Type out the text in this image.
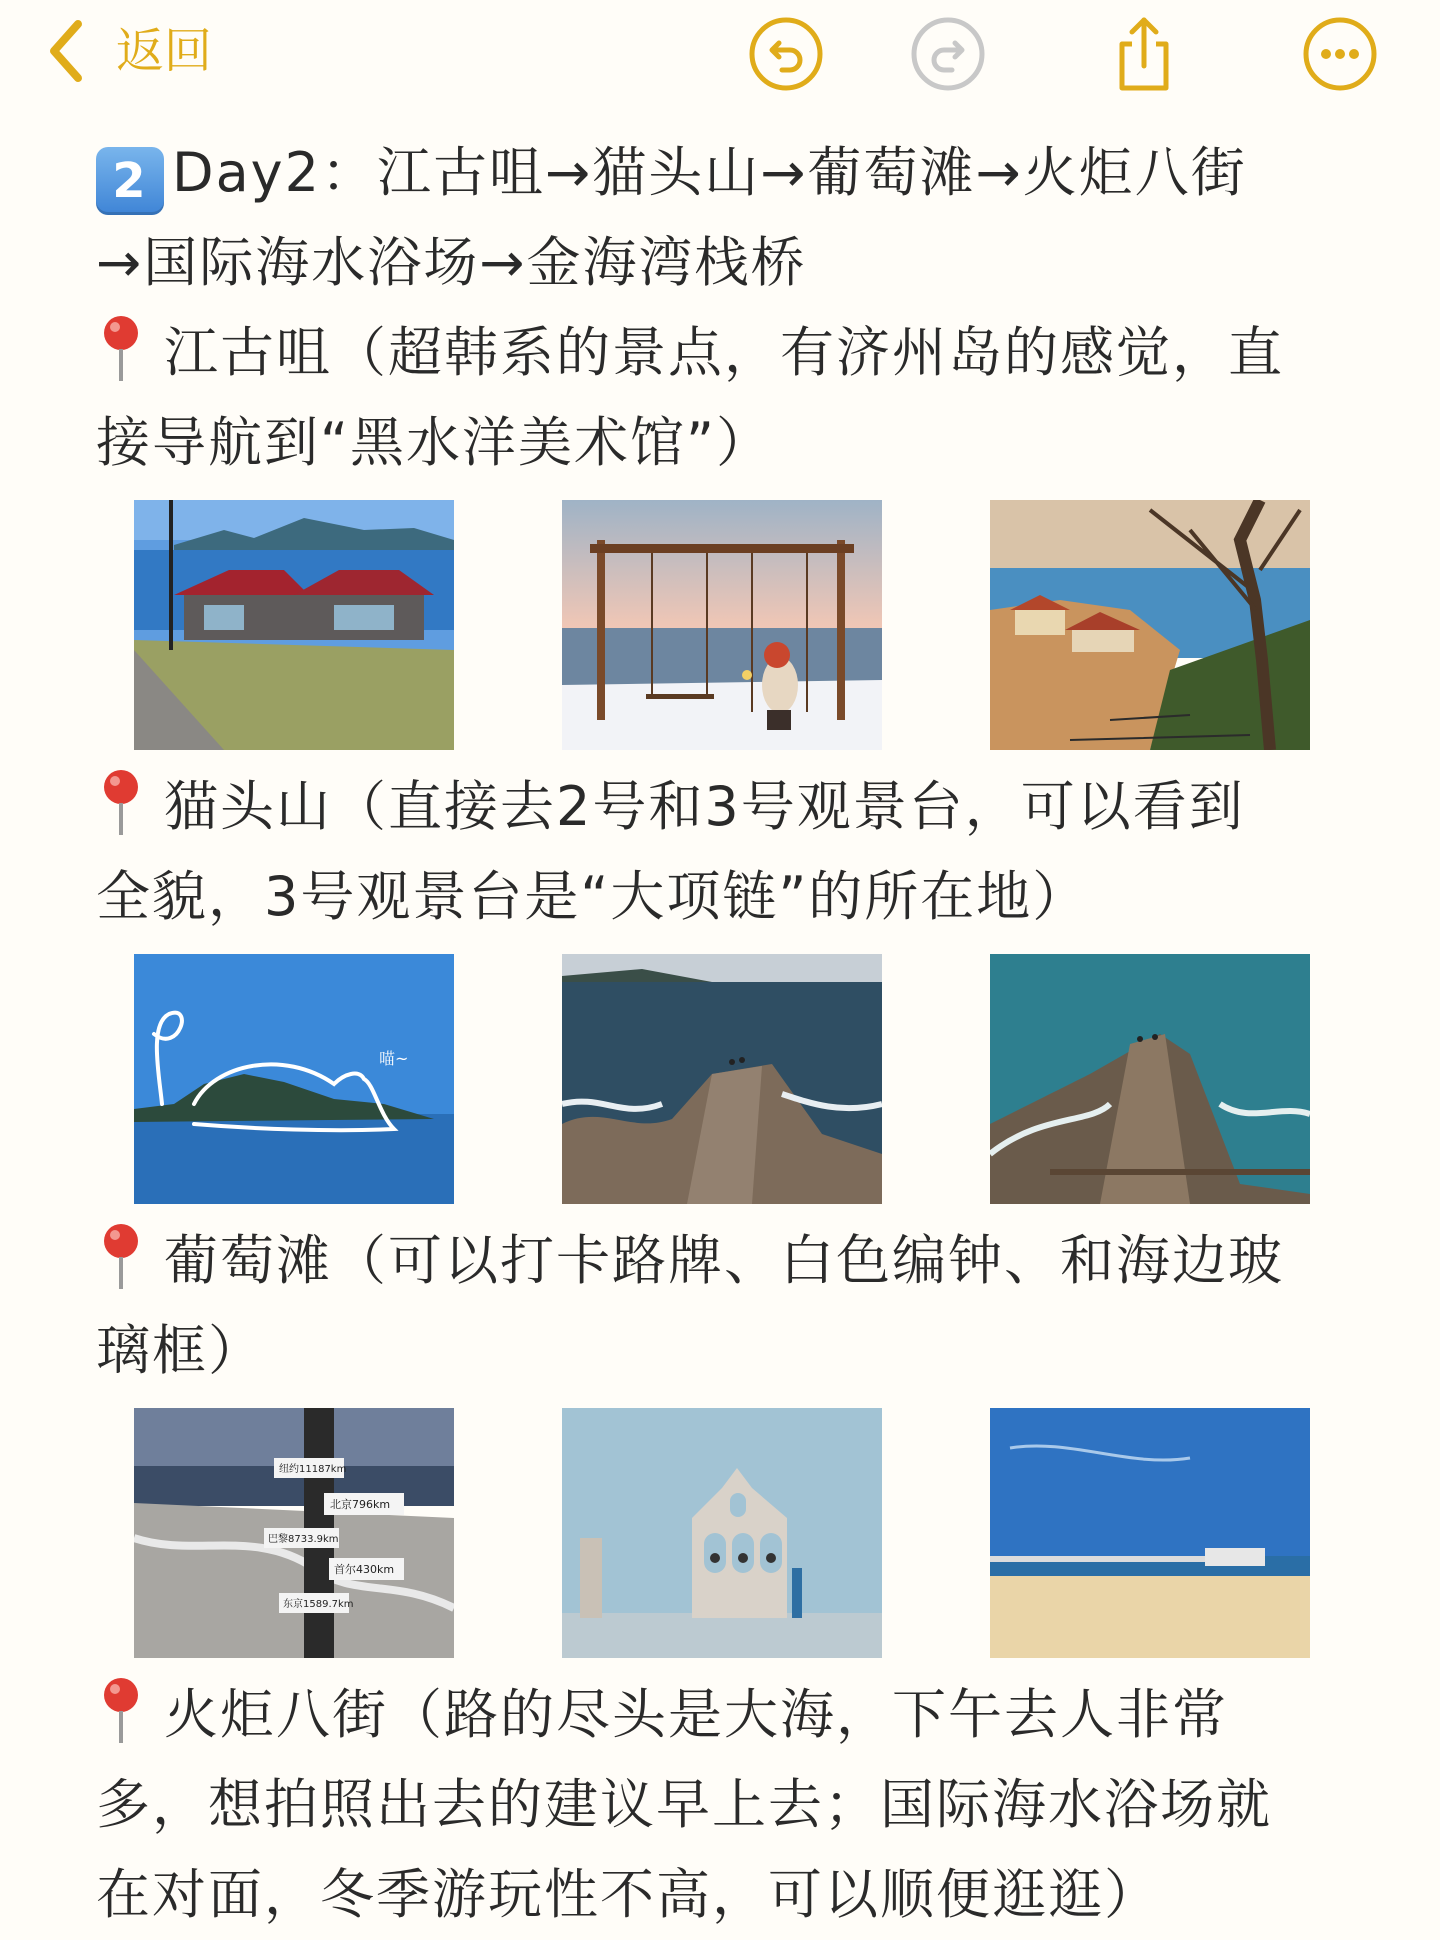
返回
2 Day2：江古咀→猫头山→葡萄滩→火炬八街
→国际海水浴场→金海湾栈桥
江古咀（超韩系的景点，有济州岛的感觉，直
接导航到“黑水洋美术馆”）
猫头山（直接去2号和3号观景台，可以看到
全貌，3号观景台是“大项链”的所在地）
喵~
葡萄滩（可以打卡路牌、白色编钟、和海边玻
璃框）
纽约11187km
北京796km
巴黎8733.9km
首尔430km
东京1589.7km
火炬八街（路的尽头是大海，下午去人非常
多，想拍照出去的建议早上去；国际海水浴场就
在对面，冬季游玩性不高，可以顺便逛逛）
